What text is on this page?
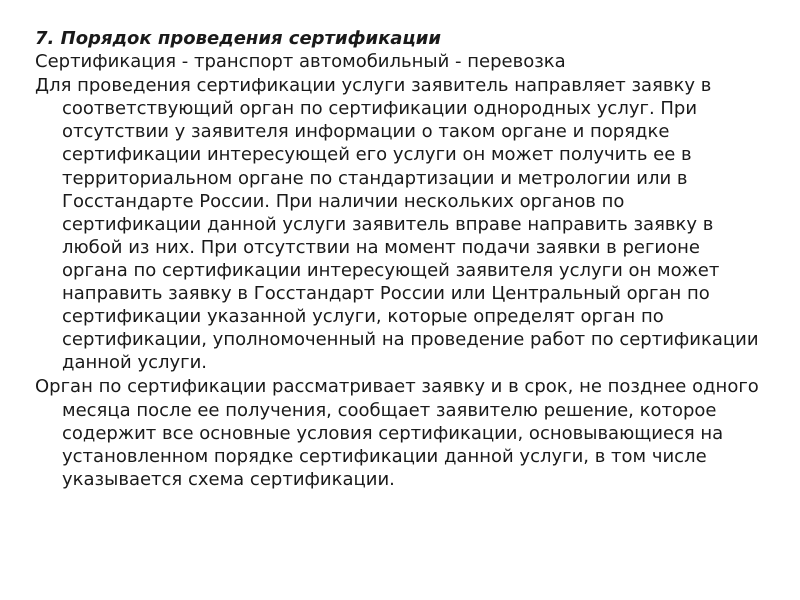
7. Порядок проведения сертификации

Сертификация - транспорт автомобильный - перевозка

Для проведения сертификации услуги заявитель направляет заявку в соответствующий орган по сертификации однородных услуг. При отсутствии у заявителя информации о таком органе и порядке сертификации интересующей его услуги он может получить ее в территориальном органе по стандартизации и метрологии или в Госстандарте России. При наличии нескольких органов по сертификации данной услуги заявитель вправе направить заявку в любой из них. При отсутствии на момент подачи заявки в регионе органа по сертификации интересующей заявителя услуги он может направить заявку в Госстандарт России или Центральный орган по сертификации указанной услуги, которые определят орган по сертификации, уполномоченный на проведение работ по сертификации данной услуги.

Орган по сертификации рассматривает заявку и в срок, не позднее одного месяца после ее получения, сообщает заявителю решение, которое содержит все основные условия сертификации, основывающиеся на установленном порядке сертификации данной услуги, в том числе указывается схема сертификации.
